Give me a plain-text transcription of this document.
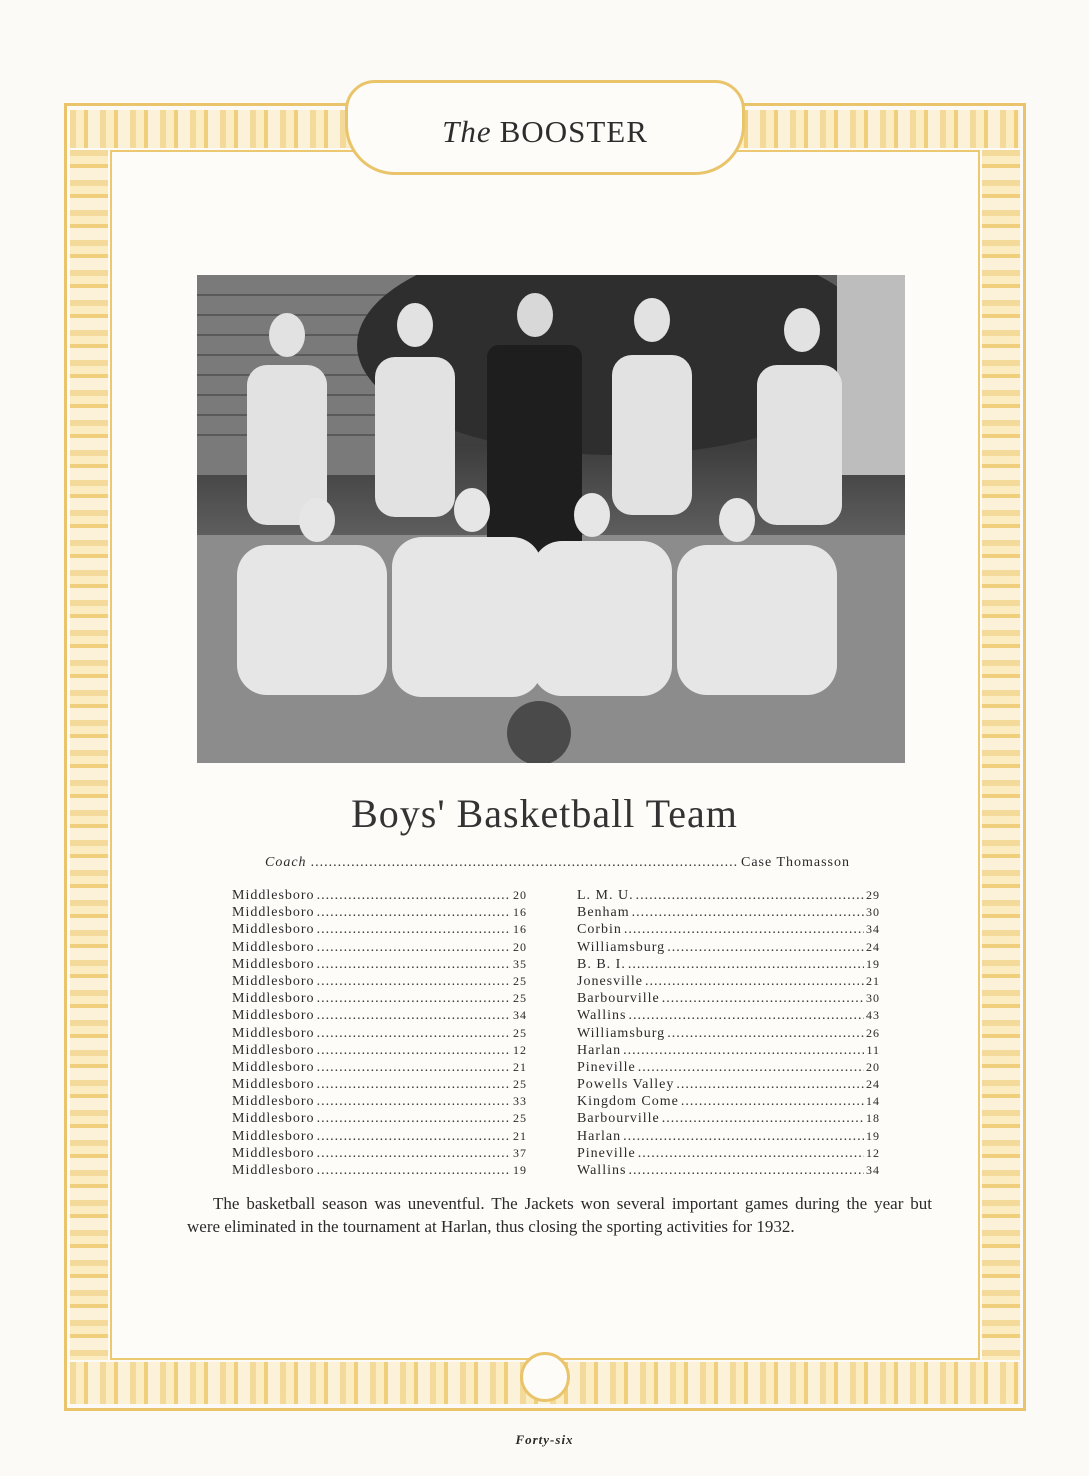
The BOOSTER
Boys' Basketball Team
Coach .....	Case Thomasson
Middlesboro .....	20
Middlesboro .....	16
Middlesboro .....	16
Middlesboro .....	20
Middlesboro .....	35
Middlesboro .....	25
Middlesboro .....	25
Middlesboro .....	34
Middlesboro .....	25
Middlesboro .....	12
Middlesboro .....	21
Middlesboro .....	25
Middlesboro .....	33
Middlesboro .....	25
Middlesboro .....	21
Middlesboro .....	37
Middlesboro .....	19
L. M. U. .....	29
Benham .....	30
Corbin .....	34
Williamsburg .....	24
B. B. I. .....	19
Jonesville .....	21
Barbourville .....	30
Wallins .....	43
Williamsburg .....	26
Harlan .....	11
Pineville .....	20
Powells Valley .....	24
Kingdom Come .....	14
Barbourville .....	18
Harlan .....	19
Pineville .....	12
Wallins .....	34
The basketball season was uneventful. The Jackets won several important games during the year but were eliminated in the tournament at Harlan, thus closing the sporting activities for 1932.
Forty-six
